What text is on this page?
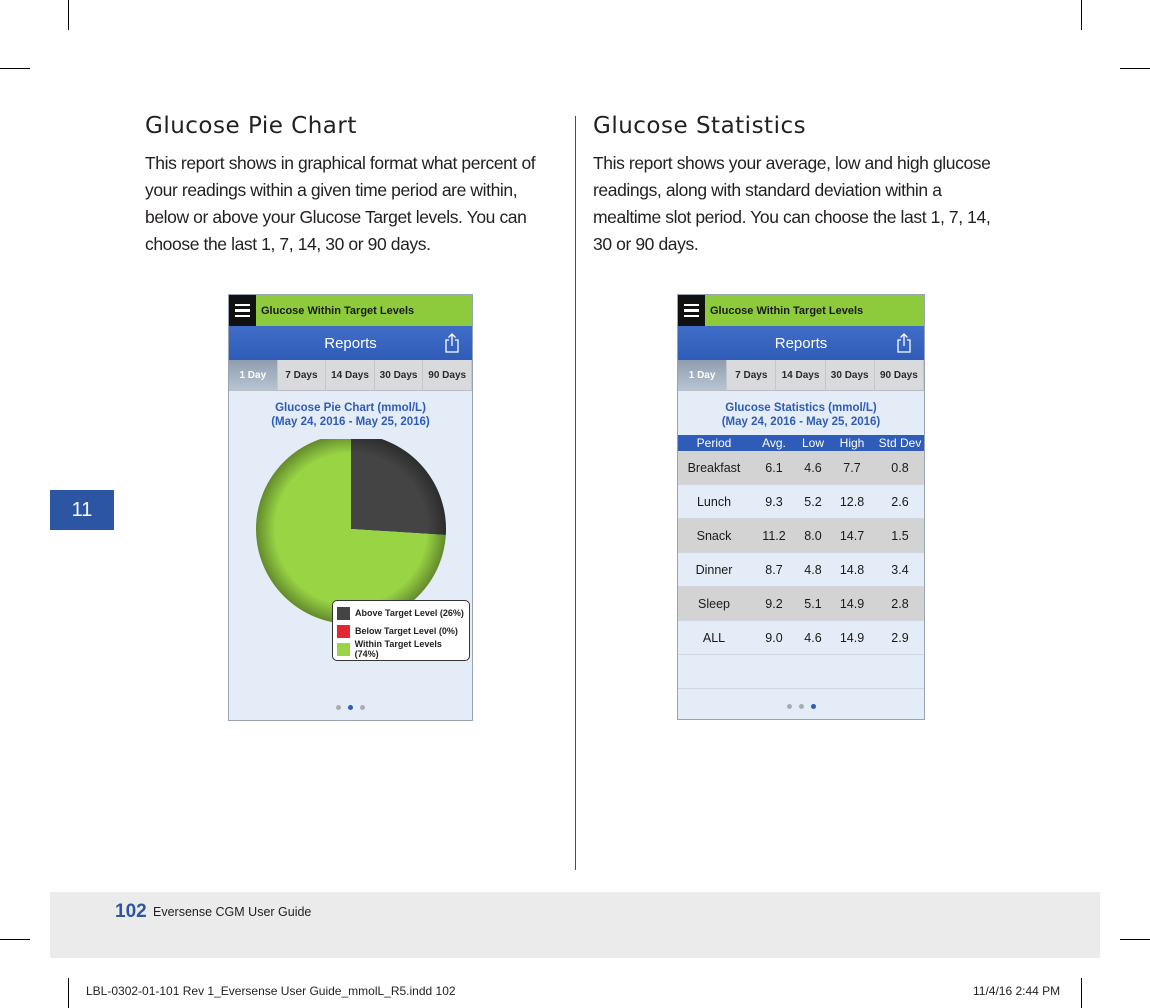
Glucose Pie Chart
This report shows in graphical format what percent of your readings within a given time period are within, below or above your Glucose Target levels. You can choose the last 1, 7, 14, 30 or 90 days.
Glucose Statistics
This report shows your average, low and high glucose readings, along with standard deviation within a mealtime slot period. You can choose the last 1, 7, 14, 30 or 90 days.
11
Glucose Within Target Levels
Reports
1 Day	7 Days	14 Days	30 Days	90 Days
Glucose Pie Chart (mmol/L)
(May 24, 2016 - May 25, 2016)
Above Target Level (26%)
Below Target Level (0%)
Within Target Levels (74%)
Glucose Within Target Levels
Reports
1 Day	7 Days	14 Days	30 Days	90 Days
Glucose Statistics (mmol/L)
(May 24, 2016 - May 25, 2016)
Period	Avg.	Low	High	Std Dev
Breakfast	6.1	4.6	7.7	0.8
Lunch	9.3	5.2	12.8	2.6
Snack	11.2	8.0	14.7	1.5
Dinner	8.7	4.8	14.8	3.4
Sleep	9.2	5.1	14.9	2.8
ALL	9.0	4.6	14.9	2.9
102 Eversense CGM User Guide
LBL-0302-01-101 Rev 1_Eversense User Guide_mmolL_R5.indd 102	11/4/16 2:44 PM
